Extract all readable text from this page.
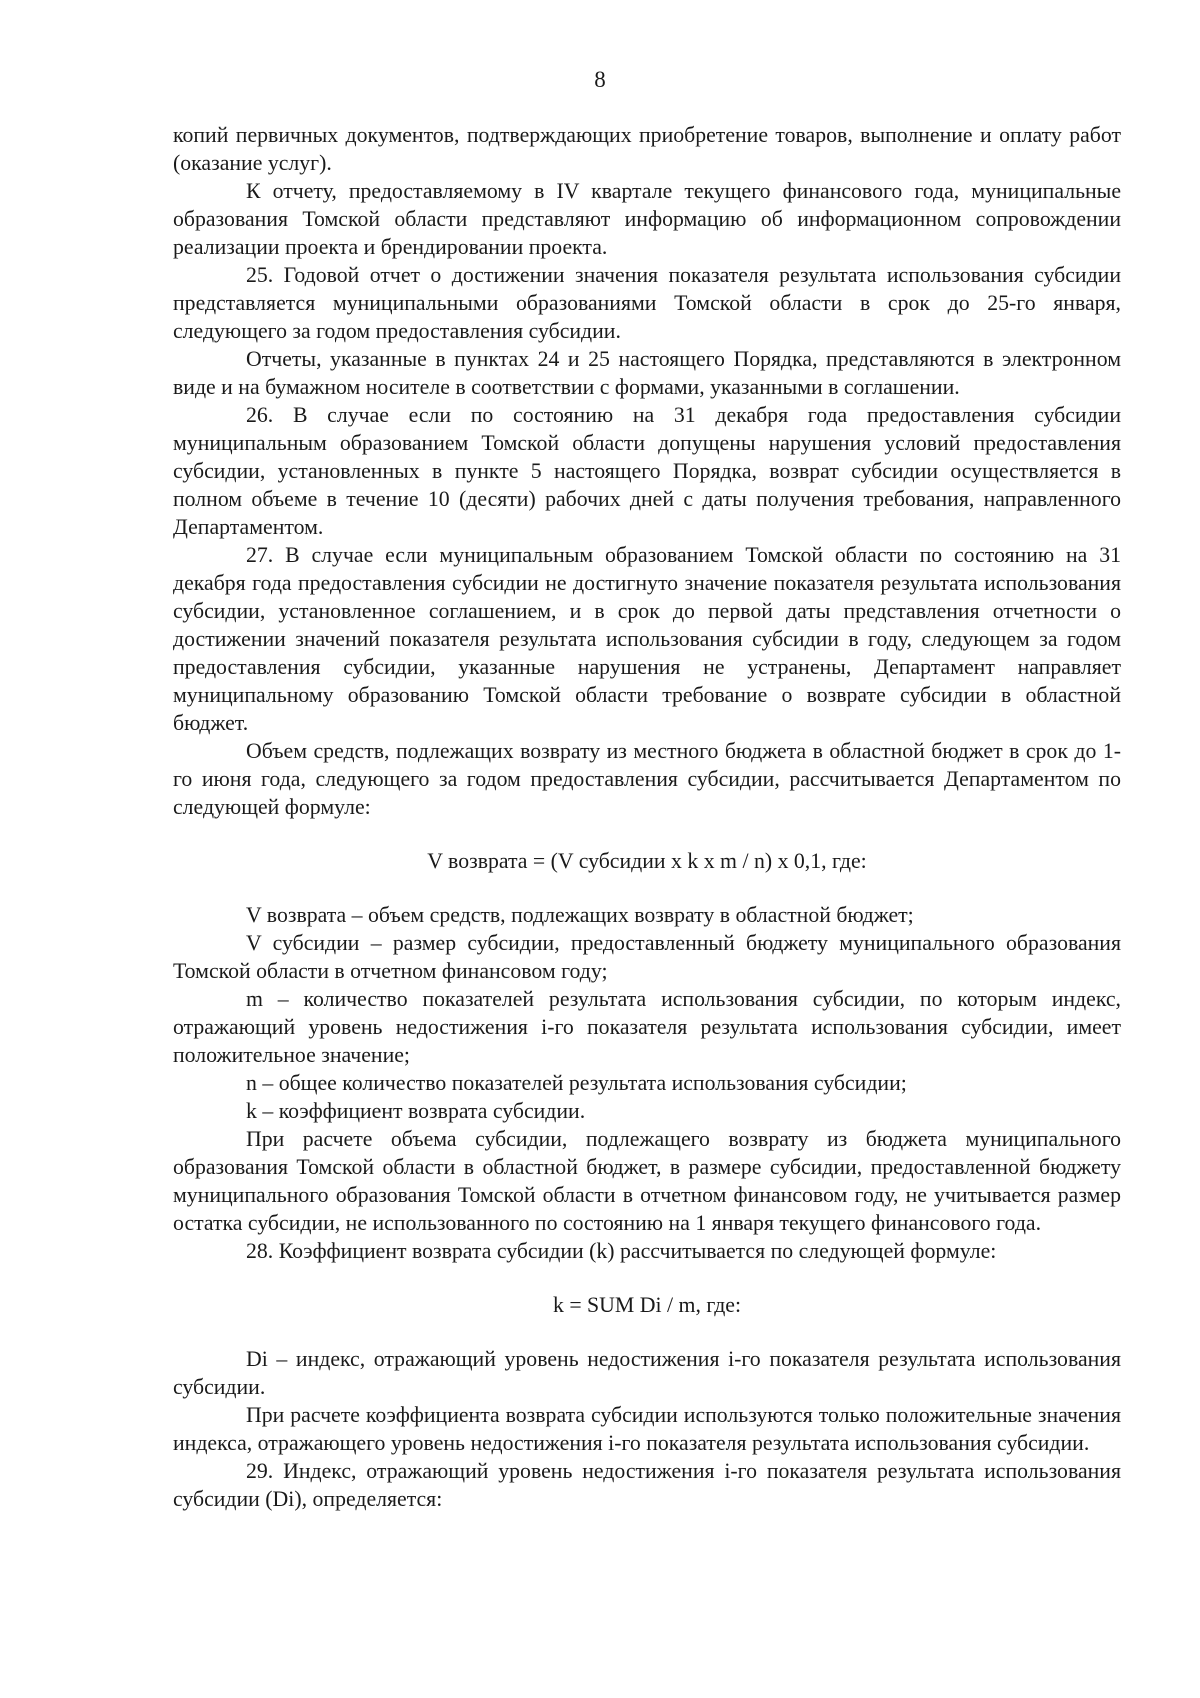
8

копий первичных документов, подтверждающих приобретение товаров, выполнение и оплату работ (оказание услуг).

К отчету, предоставляемому в IV квартале текущего финансового года, муниципальные образования Томской области представляют информацию об информационном сопровождении реализации проекта и брендировании проекта.

25. Годовой отчет о достижении значения показателя результата использования субсидии представляется муниципальными образованиями Томской области в срок до 25-го января, следующего за годом предоставления субсидии.

Отчеты, указанные в пунктах 24 и 25 настоящего Порядка, представляются в электронном виде и на бумажном носителе в соответствии с формами, указанными в соглашении.

26. В случае если по состоянию на 31 декабря года предоставления субсидии муниципальным образованием Томской области допущены нарушения условий предоставления субсидии, установленных в пункте 5 настоящего Порядка, возврат субсидии осуществляется в полном объеме в течение 10 (десяти) рабочих дней с даты получения требования, направленного Департаментом.

27. В случае если муниципальным образованием Томской области по состоянию на 31 декабря года предоставления субсидии не достигнуто значение показателя результата использования субсидии, установленное соглашением, и в срок до первой даты представления отчетности о достижении значений показателя результата использования субсидии в году, следующем за годом предоставления субсидии, указанные нарушения не устранены, Департамент направляет муниципальному образованию Томской области требование о возврате субсидии в областной бюджет.

Объем средств, подлежащих возврату из местного бюджета в областной бюджет в срок до 1-го июня года, следующего за годом предоставления субсидии, рассчитывается Департаментом по следующей формуле:

V возврата = (V субсидии x k x m / n) x 0,1, где:

V возврата – объем средств, подлежащих возврату в областной бюджет;

V субсидии – размер субсидии, предоставленный бюджету муниципального образования Томской области в отчетном финансовом году;

m – количество показателей результата использования субсидии, по которым индекс, отражающий уровень недостижения i-го показателя результата использования субсидии, имеет положительное значение;

n – общее количество показателей результата использования субсидии;

k – коэффициент возврата субсидии.

При расчете объема субсидии, подлежащего возврату из бюджета муниципального образования Томской области в областной бюджет, в размере субсидии, предоставленной бюджету муниципального образования Томской области в отчетном финансовом году, не учитывается размер остатка субсидии, не использованного по состоянию на 1 января текущего финансового года.

28. Коэффициент возврата субсидии (k) рассчитывается по следующей формуле:

k = SUM Di / m, где:

Di – индекс, отражающий уровень недостижения i-го показателя результата использования субсидии.

При расчете коэффициента возврата субсидии используются только положительные значения индекса, отражающего уровень недостижения i-го показателя результата использования субсидии.

29. Индекс, отражающий уровень недостижения i-го показателя результата использования субсидии (Di), определяется:
